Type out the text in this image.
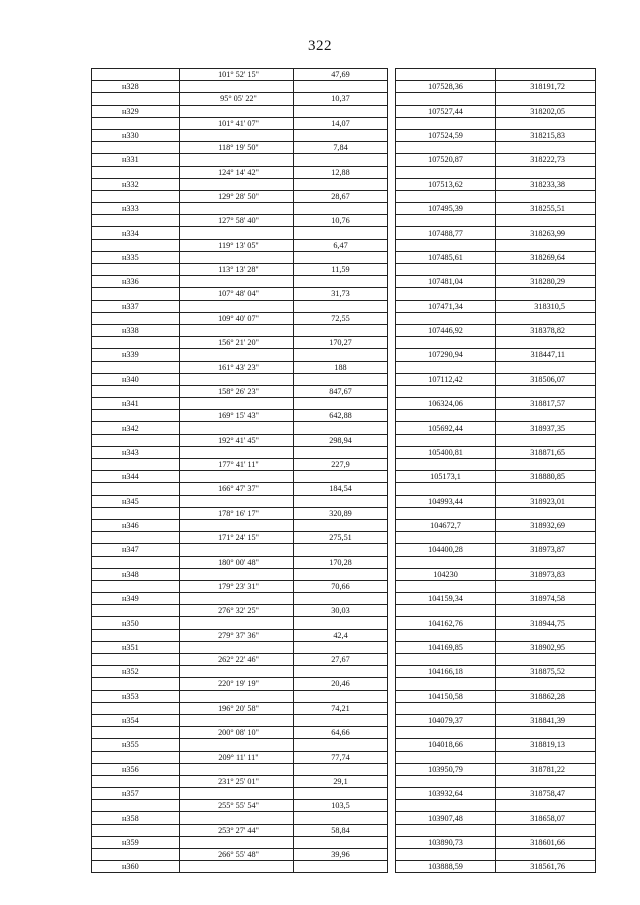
322
	101° 52' 15"	47,69			
н328				107528,36	318191,72
	95° 05' 22"	10,37			
н329				107527,44	318202,05
	101° 41' 07"	14,07			
н330				107524,59	318215,83
	118° 19' 50"	7,84			
н331				107520,87	318222,73
	124° 14' 42"	12,88			
н332				107513,62	318233,38
	129° 28' 50"	28,67			
н333				107495,39	318255,51
	127° 58' 40"	10,76			
н334				107488,77	318263,99
	119° 13' 05"	6,47			
н335				107485,61	318269,64
	113° 13' 28"	11,59			
н336				107481,04	318280,29
	107° 48' 04"	31,73			
н337				107471,34	318310,5
	109° 40' 07"	72,55			
н338				107446,92	318378,82
	156° 21' 20"	170,27			
н339				107290,94	318447,11
	161° 43' 23"	188			
н340				107112,42	318506,07
	158° 26' 23"	847,67			
н341				106324,06	318817,57
	169° 15' 43"	642,88			
н342				105692,44	318937,35
	192° 41' 45"	298,94			
н343				105400,81	318871,65
	177° 41' 11"	227,9			
н344				105173,1	318880,85
	166° 47' 37"	184,54			
н345				104993,44	318923,01
	178° 16' 17"	320,89			
н346				104672,7	318932,69
	171° 24' 15"	275,51			
н347				104400,28	318973,87
	180° 00' 48"	170,28			
н348				104230	318973,83
	179° 23' 31"	70,66			
н349				104159,34	318974,58
	276° 32' 25"	30,03			
н350				104162,76	318944,75
	279° 37' 36"	42,4			
н351				104169,85	318902,95
	262° 22' 46"	27,67			
н352				104166,18	318875,52
	220° 19' 19"	20,46			
н353				104150,58	318862,28
	196° 20' 58"	74,21			
н354				104079,37	318841,39
	200° 08' 10"	64,66			
н355				104018,66	318819,13
	209° 11' 11"	77,74			
н356				103950,79	318781,22
	231° 25' 01"	29,1			
н357				103932,64	318758,47
	255° 55' 54"	103,5			
н358				103907,48	318658,07
	253° 27' 44"	58,84			
н359				103890,73	318601,66
	266° 55' 48"	39,96			
н360				103888,59	318561,76
